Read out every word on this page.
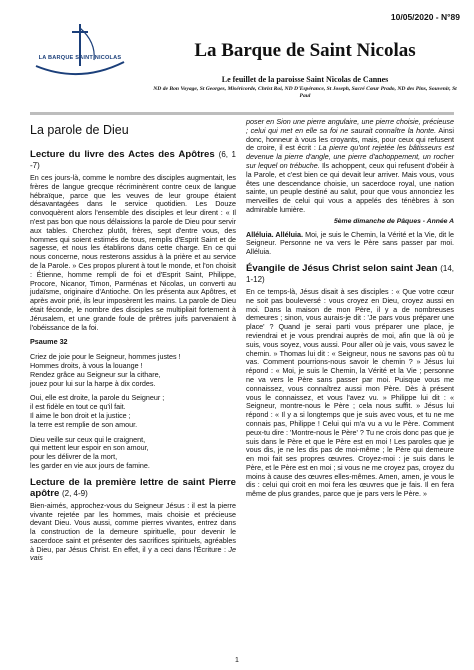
10/05/2020 - N°89
LA BARQUE SAINT NICOLAS	La Barque de Saint Nicolas
Le feuillet de la paroisse Saint Nicolas de Cannes
ND de Bon Voyage, St Georges, Miséricorde, Christ Roi, ND D'Espérance, St Joseph, Sacré Cœur Prado, ND des Pins, Souvenir, St Paul
La parole de Dieu
Lecture du livre des Actes des Apôtres (6, 1 -7)

En ces jours-là, comme le nombre des disciples augmentait, les frères de langue grecque récriminèrent contre ceux de langue hébraïque, parce que les veuves de leur groupe étaient désavantagées dans le service quotidien. Les Douze convoquèrent alors l'ensemble des disciples et leur dirent : « Il n'est pas bon que nous délaissions la parole de Dieu pour servir aux tables. Cherchez plutôt, frères, sept d'entre vous, des hommes qui soient estimés de tous, remplis d'Esprit Saint et de sagesse, et nous les établirons dans cette charge. En ce qui nous concerne, nous resterons assidus à la prière et au service de la Parole. » Ces propos plurent à tout le monde, et l'on choisit : Étienne, homme rempli de foi et d'Esprit Saint, Philippe, Procore, Nicanor, Timon, Parménas et Nicolas, un converti au judaïsme, originaire d'Antioche. On les présenta aux Apôtres, et après avoir prié, ils leur imposèrent les mains. La parole de Dieu était féconde, le nombre des disciples se multipliait fortement à Jérusalem, et une grande foule de prêtres juifs parvenaient à l'obéissance de la foi.

Psaume 32

Criez de joie pour le Seigneur, hommes justes !
Hommes droits, à vous la louange !
Rendez grâce au Seigneur sur la cithare,
jouez pour lui sur la harpe à dix cordes.

Oui, elle est droite, la parole du Seigneur ;
il est fidèle en tout ce qu'il fait.
Il aime le bon droit et la justice ;
la terre est remplie de son amour.

Dieu veille sur ceux qui le craignent,
qui mettent leur espoir en son amour,
pour les délivrer de la mort,
les garder en vie aux jours de famine.

Lecture de la première lettre de saint Pierre apôtre (2, 4-9)

Bien-aimés, approchez-vous du Seigneur Jésus : il est la pierre vivante rejetée par les hommes, mais choisie et précieuse devant Dieu. Vous aussi, comme pierres vivantes, entrez dans la construction de la demeure spirituelle, pour devenir le sacerdoce saint et présenter des sacrifices spirituels, agréables à Dieu, par Jésus Christ. En effet, il y a ceci dans l'Écriture : Je vais

poser en Sion une pierre angulaire, une pierre choisie, précieuse ; celui qui met en elle sa foi ne saurait connaître la honte. Ainsi donc, honneur à vous les croyants, mais, pour ceux qui refusent de croire, il est écrit : La pierre qu'ont rejetée les bâtisseurs est devenue la pierre d'angle, une pierre d'achoppement, un rocher sur lequel on trébuche. Ils achoppent, ceux qui refusent d'obéir à la Parole, et c'est bien ce qui devait leur arriver. Mais vous, vous êtes une descendance choisie, un sacerdoce royal, une nation sainte, un peuple destiné au salut, pour que vous annonciez les merveilles de celui qui vous a appelés des ténèbres à son admirable lumière.

5ème dimanche de Pâques - Année A

Alléluia. Alléluia. Moi, je suis le Chemin, la Vérité et la Vie, dit le Seigneur. Personne ne va vers le Père sans passer par moi. Alléluia.

Évangile de Jésus Christ selon saint Jean (14, 1-12)

En ce temps-là, Jésus disait à ses disciples : « Que votre cœur ne soit pas bouleversé : vous croyez en Dieu, croyez aussi en moi. Dans la maison de mon Père, il y a de nombreuses demeures ; sinon, vous aurais-je dit : 'Je pars vous préparer une place' ? Quand je serai parti vous préparer une place, je reviendrai et je vous prendrai auprès de moi, afin que là où je suis, vous soyez, vous aussi. Pour aller où je vais, vous savez le chemin. » Thomas lui dit : « Seigneur, nous ne savons pas où tu vas. Comment pourrions-nous savoir le chemin ? » Jésus lui répond : « Moi, je suis le Chemin, la Vérité et la Vie ; personne ne va vers le Père sans passer par moi. Puisque vous me connaissez, vous connaîtrez aussi mon Père. Dès à présent vous le connaissez, et vous l'avez vu. » Philippe lui dit : « Seigneur, montre-nous le Père ; cela nous suffit. » Jésus lui répond : « Il y a si longtemps que je suis avec vous, et tu ne me connais pas, Philippe ! Celui qui m'a vu a vu le Père. Comment peux-tu dire : 'Montre-nous le Père' ? Tu ne crois donc pas que je suis dans le Père et que le Père est en moi ! Les paroles que je vous dis, je ne les dis pas de moi-même ; le Père qui demeure en moi fait ses propres œuvres. Croyez-moi : je suis dans le Père, et le Père est en moi ; si vous ne me croyez pas, croyez du moins à cause des œuvres elles-mêmes. Amen, amen, je vous le dis : celui qui croit en moi fera les œuvres que je fais. Il en fera même de plus grandes, parce que je pars vers le Père. »

1
